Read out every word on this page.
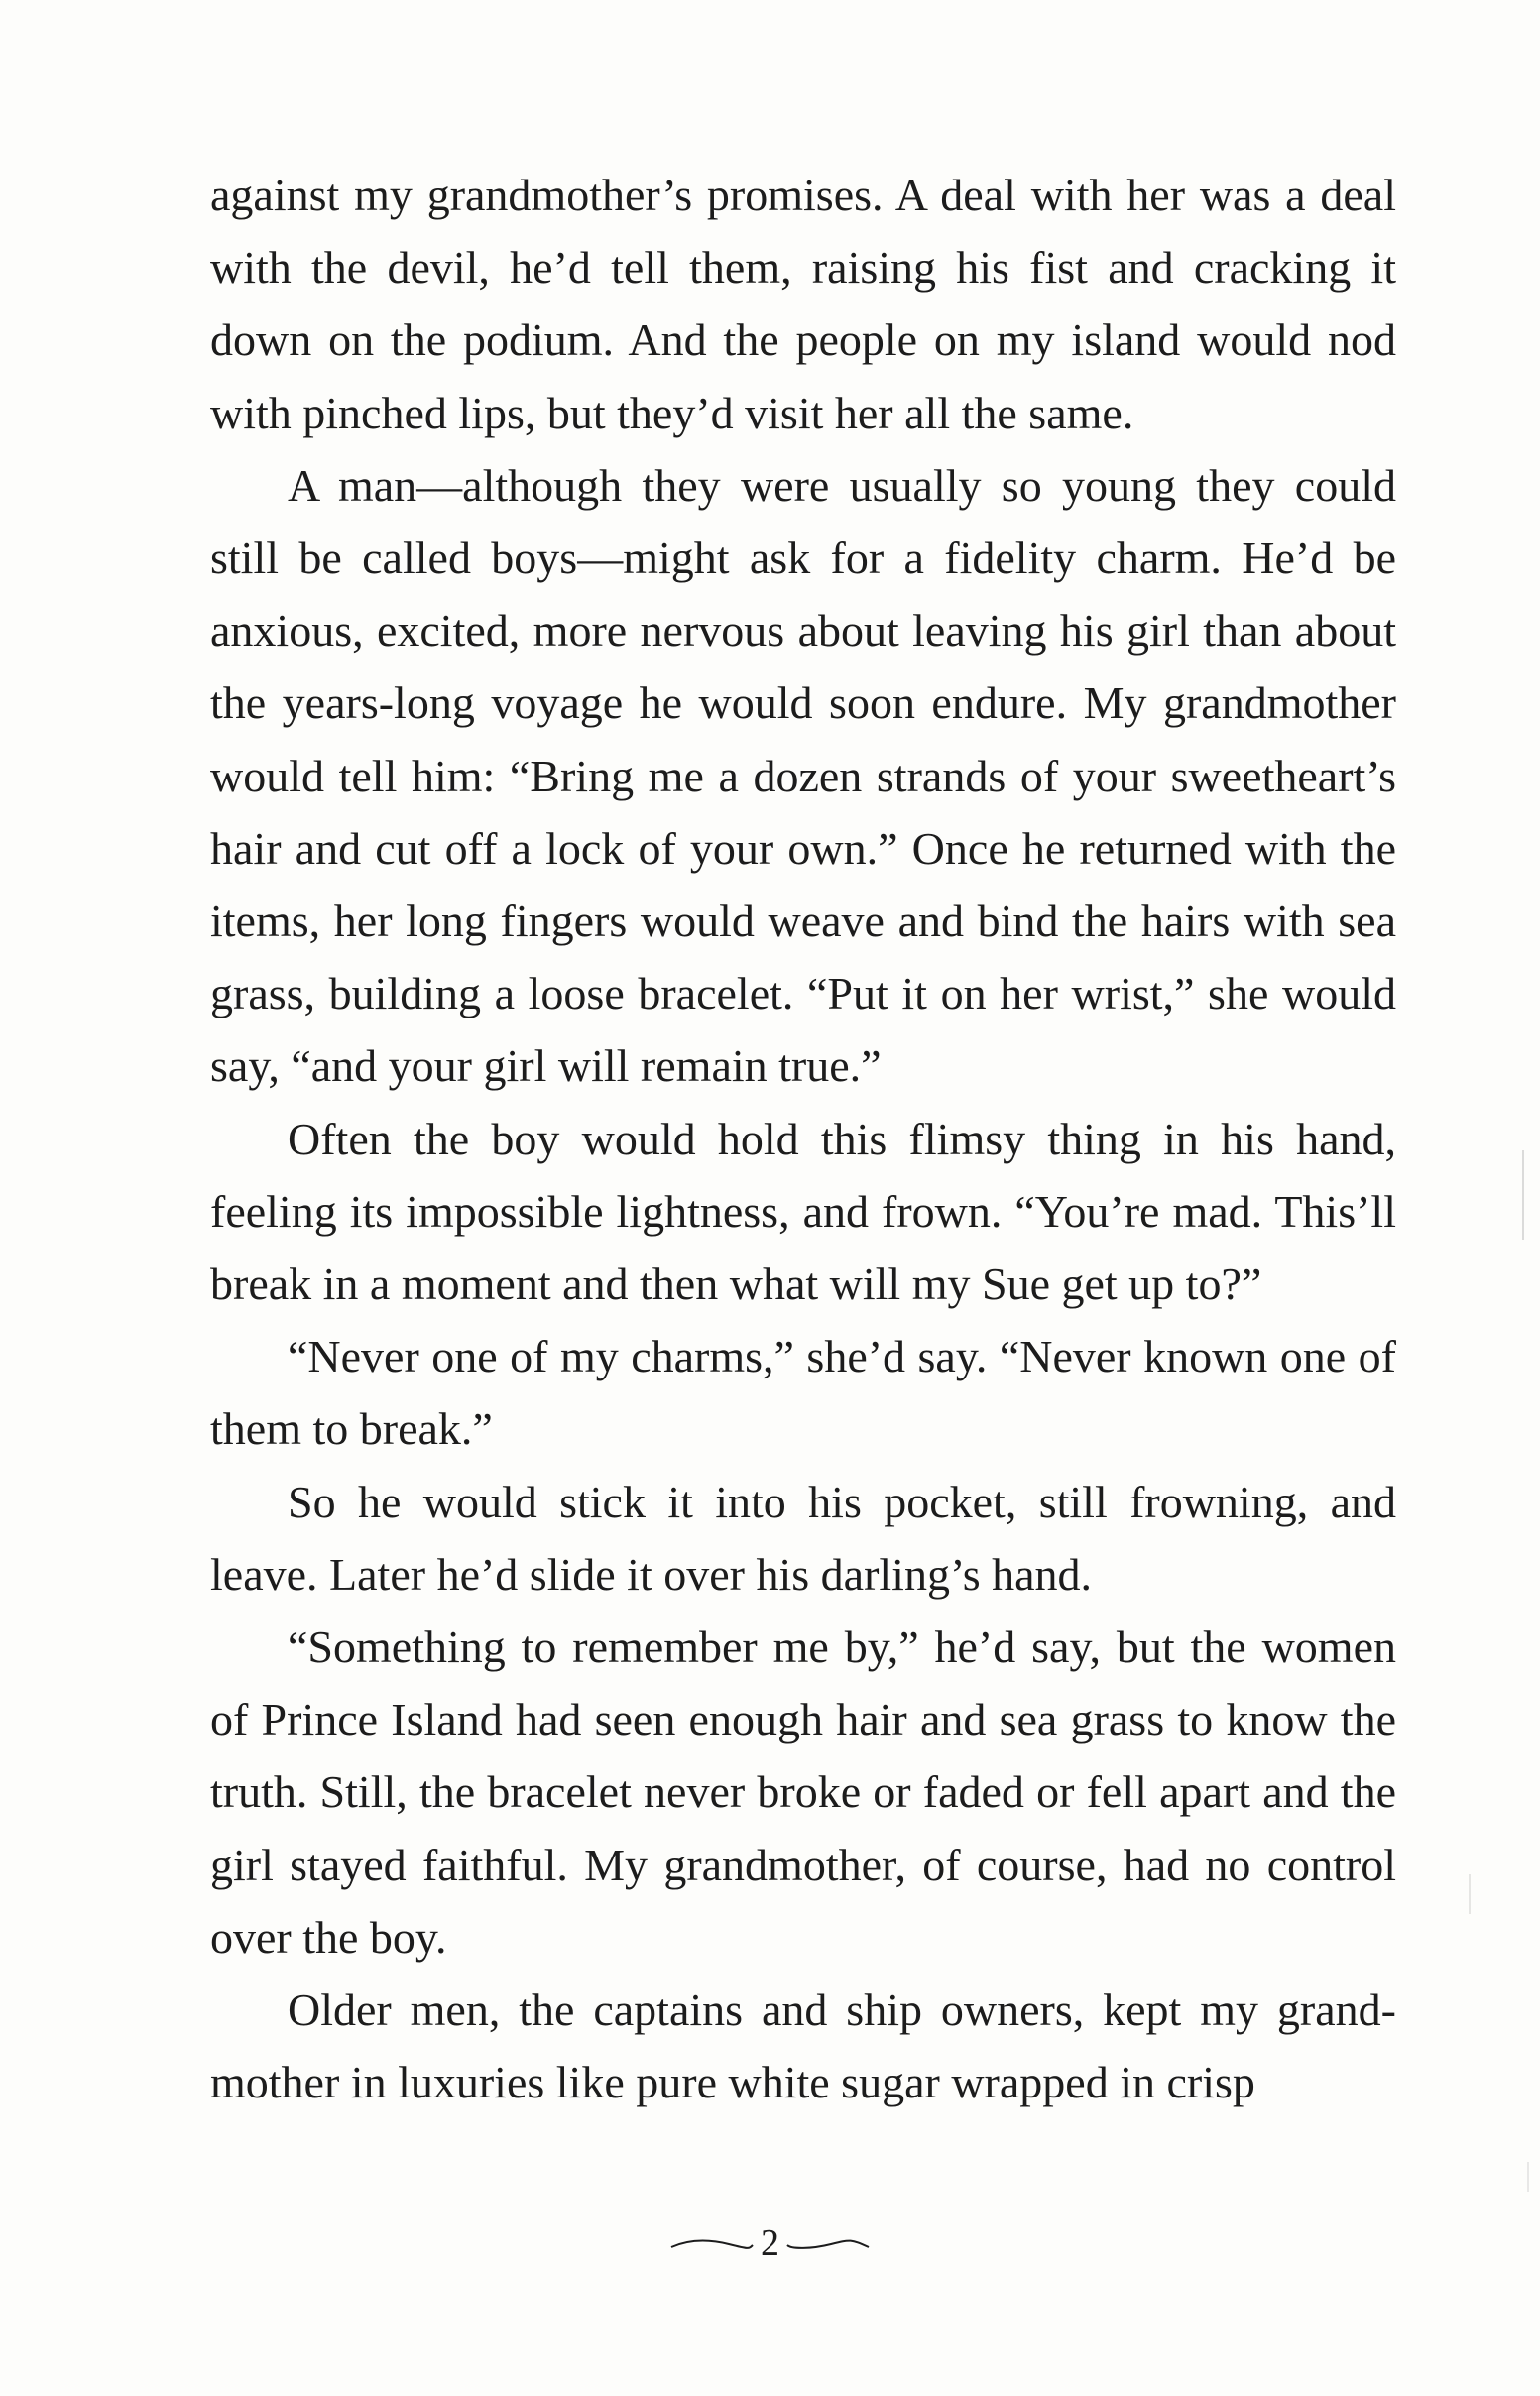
against my grandmother’s promises. A deal with her was a deal with the devil, he’d tell them, raising his fist and cracking it down on the podium. And the people on my island would nod with pinched lips, but they’d visit her all the same.

A man—although they were usually so young they could still be called boys—might ask for a fidelity charm. He’d be anxious, excited, more nervous about leaving his girl than about the years-long voyage he would soon endure. My grandmother would tell him: “Bring me a dozen strands of your sweetheart’s hair and cut off a lock of your own.” Once he returned with the items, her long fingers would weave and bind the hairs with sea grass, building a loose bracelet. “Put it on her wrist,” she would say, “and your girl will remain true.”

Often the boy would hold this flimsy thing in his hand, feeling its impossible lightness, and frown. “You’re mad. This’ll break in a moment and then what will my Sue get up to?”

“Never one of my charms,” she’d say. “Never known one of them to break.”

So he would stick it into his pocket, still frowning, and leave. Later he’d slide it over his darling’s hand.

“Something to remember me by,” he’d say, but the women of Prince Island had seen enough hair and sea grass to know the truth. Still, the bracelet never broke or faded or fell apart and the girl stayed faithful. My grandmother, of course, had no control over the boy.

Older men, the captains and ship owners, kept my grandmother in luxuries like pure white sugar wrapped in crisp

2
